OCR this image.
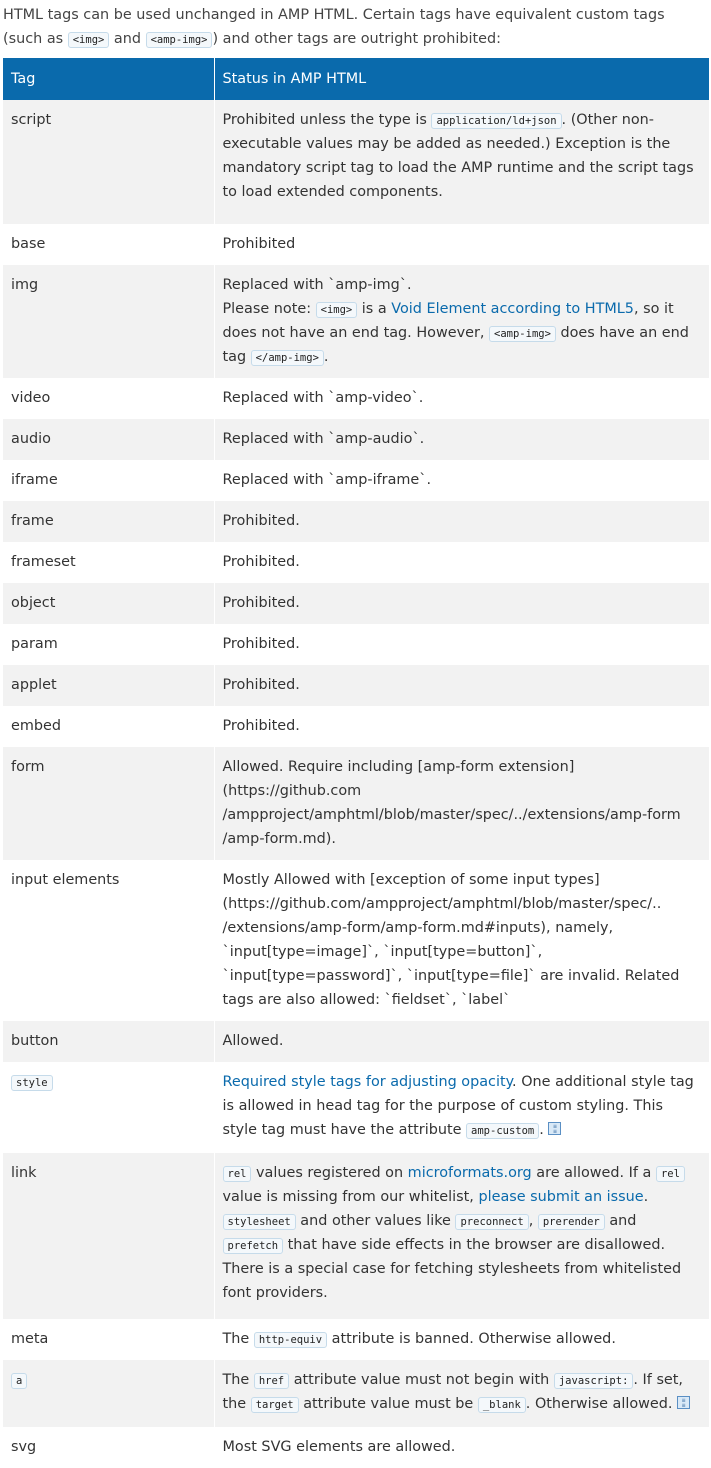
HTML tags can be used unchanged in AMP HTML. Certain tags have equivalent custom tags (such as <img> and <amp-img> ) and other tags are outright prohibited:

Tag	Status in AMP HTML
script	Prohibited unless the type is application/ld+json . (Other non-executable values may be added as needed.) Exception is the mandatory script tag to load the AMP runtime and the script tags to load extended components.
base	Prohibited
img	Replaced with `amp-img`.
Please note: <img> is a Void Element according to HTML5, so it does not have an end tag. However, <amp-img> does have an end tag </amp-img> .
video	Replaced with `amp-video`.
audio	Replaced with `amp-audio`.
iframe	Replaced with `amp-iframe`.
frame	Prohibited.
frameset	Prohibited.
object	Prohibited.
param	Prohibited.
applet	Prohibited.
embed	Prohibited.
form	Allowed. Require including [amp-form extension](https://github.com /ampproject/amphtml/blob/master/spec/../extensions/amp-form /amp-form.md).
input elements	Mostly Allowed with [exception of some input types] (https://github.com/ampproject/amphtml/blob/master/spec/.. /extensions/amp-form/amp-form.md#inputs), namely, `input[type=image]`, `input[type=button]`, `input[type=password]`, `input[type=file]` are invalid. Related tags are also allowed: `fieldset`, `label`
button	Allowed.
style	Required style tags for adjusting opacity. One additional style tag is allowed in head tag for the purpose of custom styling. This style tag must have the attribute amp-custom . ≡
≡
link	rel values registered on microformats.org are allowed. If a rel value is missing from our whitelist, please submit an issue. stylesheet and other values like preconnect , prerender and prefetch that have side effects in the browser are disallowed. There is a special case for fetching stylesheets from whitelisted font providers.
meta	The http-equiv attribute is banned. Otherwise allowed.
a	The href attribute value must not begin with javascript: . If set, the target attribute value must be _blank . Otherwise allowed. ≡
≡
svg	Most SVG elements are allowed.
